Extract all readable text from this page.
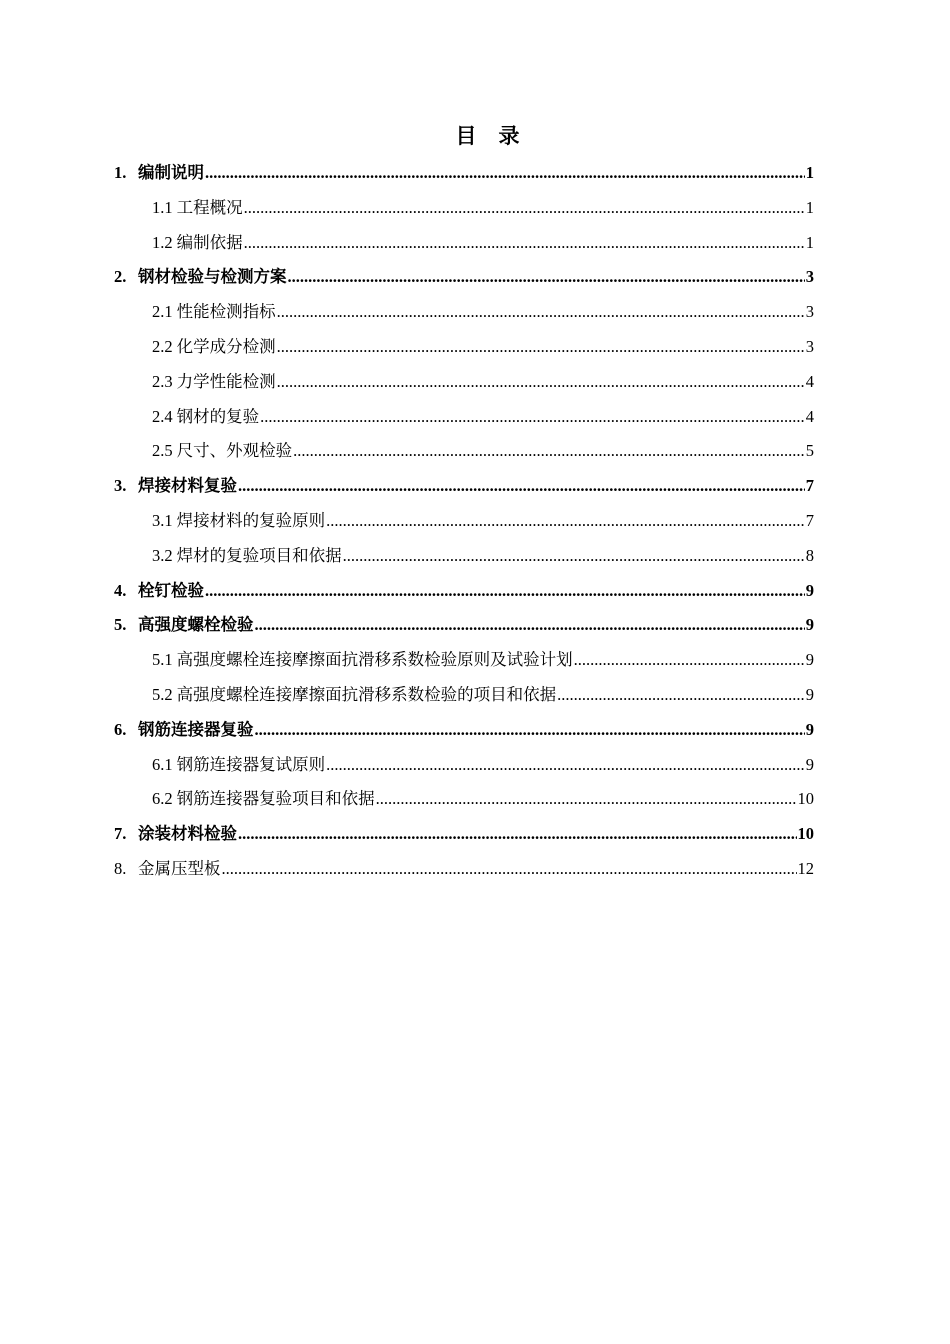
目 录
1. 编制说明 .....	1
1.1 工程概况 .....	1
1.2 编制依据 .....	1
2. 钢材检验与检测方案 .....	3
2.1 性能检测指标 .....	3
2.2 化学成分检测 .....	3
2.3 力学性能检测 .....	4
2.4 钢材的复验 .....	4
2.5 尺寸、外观检验 .....	5
3. 焊接材料复验 .....	7
3.1 焊接材料的复验原则 .....	7
3.2 焊材的复验项目和依据 .....	8
4. 栓钉检验 .....	9
5. 高强度螺栓检验 .....	9
5.1 高强度螺栓连接摩擦面抗滑移系数检验原则及试验计划 .....	9
5.2 高强度螺栓连接摩擦面抗滑移系数检验的项目和依据 .....	9
6. 钢筋连接器复验 .....	9
6.1 钢筋连接器复试原则 .....	9
6.2 钢筋连接器复验项目和依据 .....	10
7. 涂装材料检验 .....	10
8. 金属压型板 .....	12
